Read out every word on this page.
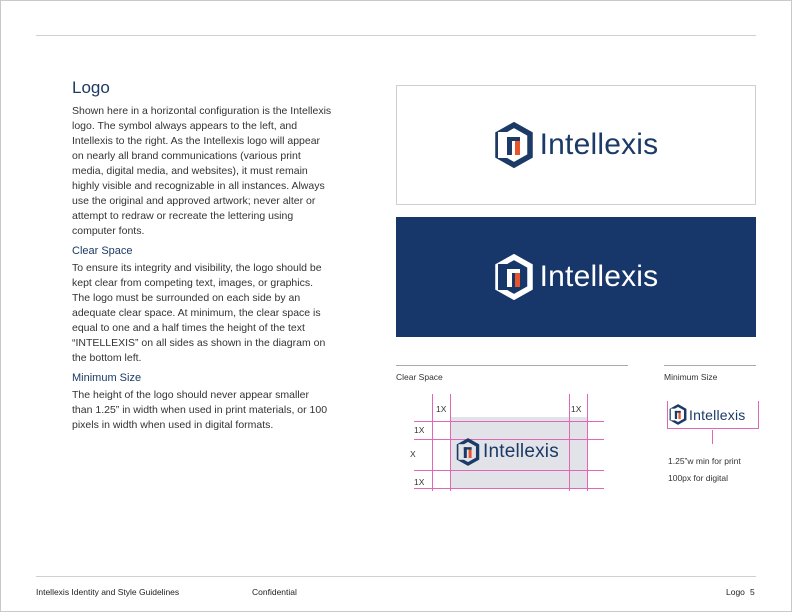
Logo

Shown here in a horizontal configuration is the Intellexis logo. The symbol always appears to the left, and Intellexis to the right. As the Intellexis logo will appear on nearly all brand communications (various print media, digital media, and websites), it must remain highly visible and recognizable in all instances. Always use the original and approved artwork; never alter or attempt to redraw or recreate the lettering using computer fonts.

Clear Space

To ensure its integrity and visibility, the logo should be kept clear from competing text, images, or graphics. The logo must be surrounded on each side by an adequate clear space. At minimum, the clear space is equal to one and a half times the height of the text “INTELLEXIS” on all sides as shown in the diagram on the bottom left.

Minimum Size

The height of the logo should never appear smaller than 1.25” in width when used in print materials, or 100 pixels in width when used in digital formats.

Intellexis
Intellexis
Clear Space	Minimum Size
1X	1X
1X
X
1X
Intellexis
Intellexis
1.25”w min for print
100px for digital
Intellexis Identity and Style Guidelines	Confidential	Logo 5
